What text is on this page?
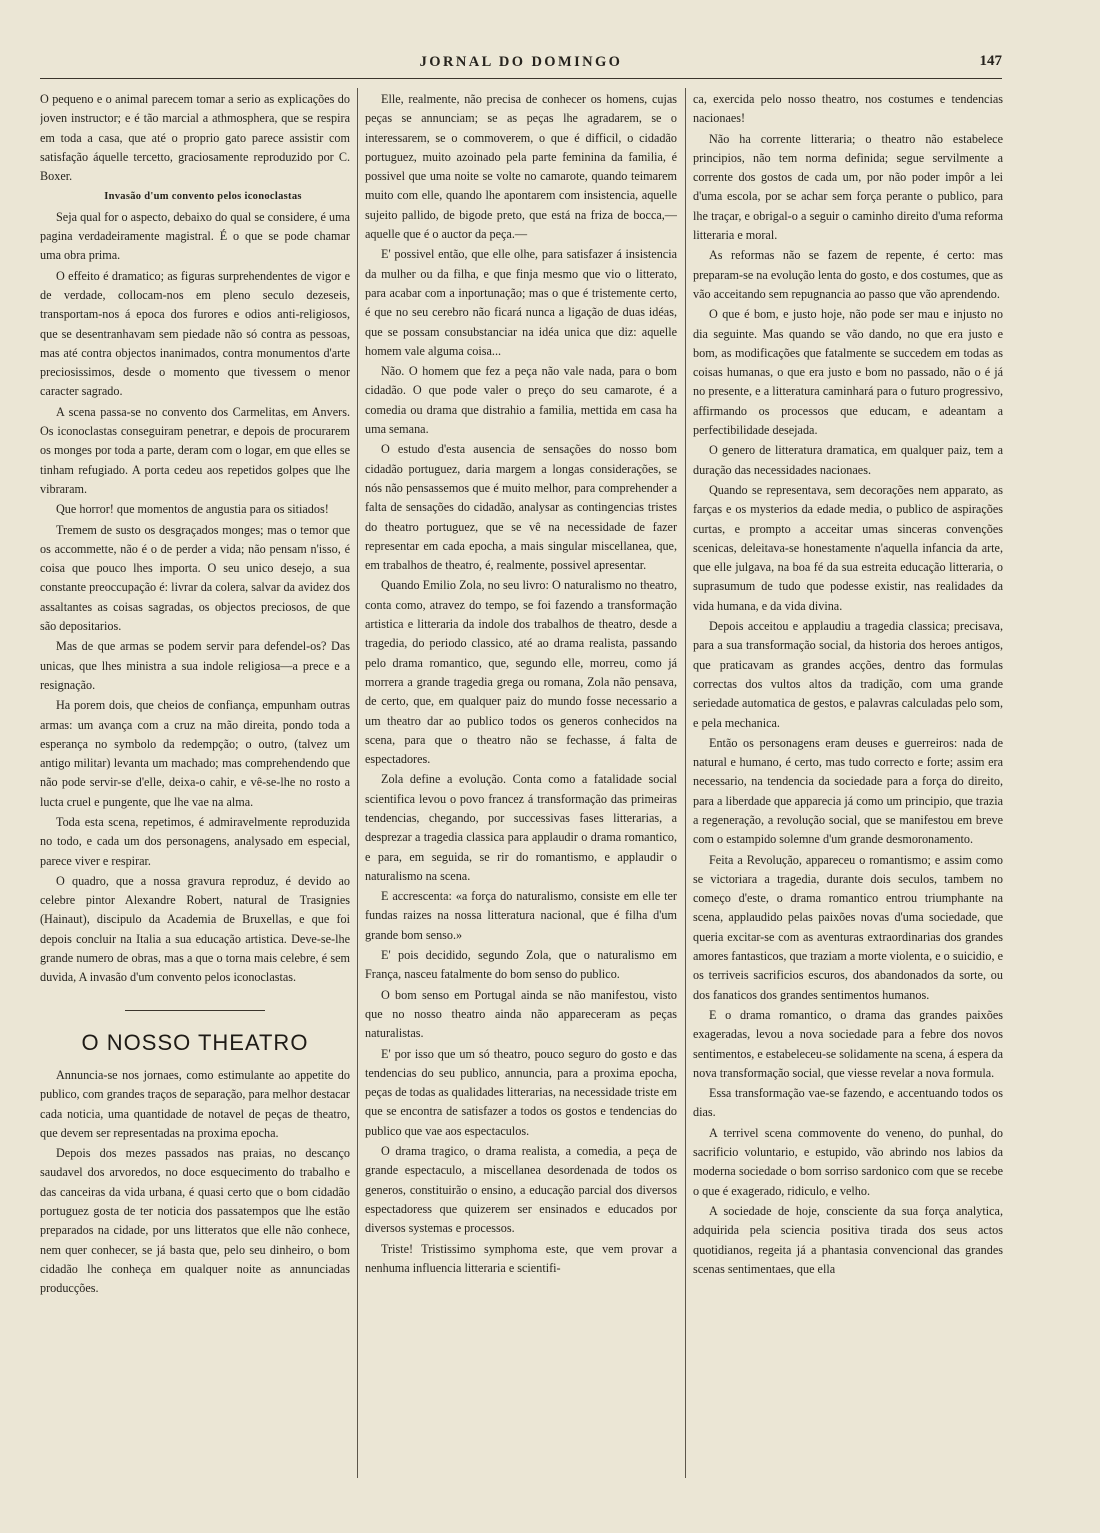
JORNAL DO DOMINGO	147

O pequeno e o animal parecem tomar a serio as explicações do joven instructor; e é tão marcial a athmosphera, que se respira em toda a casa, que até o proprio gato parece assistir com satisfação áquelle tercetto, graciosamente reproduzido por C. Boxer.

Invasão d'um convento pelos iconoclastas

Seja qual for o aspecto, debaixo do qual se considere, é uma pagina verdadeiramente magistral. É o que se pode chamar uma obra prima.

O effeito é dramatico; as figuras surprehendentes de vigor e de verdade, collocam-nos em pleno seculo dezeseis, transportam-nos á epoca dos furores e odios anti-religiosos, que se desentranhavam sem piedade não só contra as pessoas, mas até contra objectos inanimados, contra monumentos d'arte preciosissimos, desde o momento que tivessem o menor caracter sagrado.

A scena passa-se no convento dos Carmelitas, em Anvers. Os iconoclastas conseguiram penetrar, e depois de procurarem os monges por toda a parte, deram com o logar, em que elles se tinham refugiado. A porta cedeu aos repetidos golpes que lhe vibraram.

Que horror! que momentos de angustia para os sitiados!

Tremem de susto os desgraçados monges; mas o temor que os accommette, não é o de perder a vida; não pensam n'isso, é coisa que pouco lhes importa. O seu unico desejo, a sua constante preoccupação é: livrar da colera, salvar da avidez dos assaltantes as coisas sagradas, os objectos preciosos, de que são depositarios.

Mas de que armas se podem servir para defendel-os? Das unicas, que lhes ministra a sua indole religiosa—a prece e a resignação.

Ha porem dois, que cheios de confiança, empunham outras armas: um avança com a cruz na mão direita, pondo toda a esperança no symbolo da redempção; o outro, (talvez um antigo militar) levanta um machado; mas comprehendendo que não pode servir-se d'elle, deixa-o cahir, e vê-se-lhe no rosto a lucta cruel e pungente, que lhe vae na alma.

Toda esta scena, repetimos, é admiravelmente reproduzida no todo, e cada um dos personagens, analysado em especial, parece viver e respirar.

O quadro, que a nossa gravura reproduz, é devido ao celebre pintor Alexandre Robert, natural de Trasignies (Hainaut), discipulo da Academia de Bruxellas, e que foi depois concluir na Italia a sua educação artistica. Deve-se-lhe grande numero de obras, mas a que o torna mais celebre, é sem duvida, A invasão d'um convento pelos iconoclastas.

O NOSSO THEATRO

Annuncia-se nos jornaes, como estimulante ao appetite do publico, com grandes traços de separação, para melhor destacar cada noticia, uma quantidade de notavel de peças de theatro, que devem ser representadas na proxima epocha.

Depois dos mezes passados nas praias, no descanço saudavel dos arvoredos, no doce esquecimento do trabalho e das canceiras da vida urbana, é quasi certo que o bom cidadão portuguez gosta de ter noticia dos passatempos que lhe estão preparados na cidade, por uns litteratos que elle não conhece, nem quer conhecer, se já basta que, pelo seu dinheiro, o bom cidadão lhe conheça em qualquer noite as annunciadas producções.

Elle, realmente, não precisa de conhecer os homens, cujas peças se annunciam; se as peças lhe agradarem, se o interessarem, se o commoverem, o que é difficil, o cidadão portuguez, muito azoinado pela parte feminina da familia, é possivel que uma noite se volte no camarote, quando teimarem muito com elle, quando lhe apontarem com insistencia, aquelle sujeito pallido, de bigode preto, que está na friza de bocca,—aquelle que é o auctor da peça.—

E' possivel então, que elle olhe, para satisfazer á insistencia da mulher ou da filha, e que finja mesmo que vio o litterato, para acabar com a inportunação; mas o que é tristemente certo, é que no seu cerebro não ficará nunca a ligação de duas idéas, que se possam consubstanciar na idéa unica que diz: aquelle homem vale alguma coisa...

Não. O homem que fez a peça não vale nada, para o bom cidadão. O que pode valer o preço do seu camarote, é a comedia ou drama que distrahio a familia, mettida em casa ha uma semana.

O estudo d'esta ausencia de sensações do nosso bom cidadão portuguez, daria margem a longas considerações, se nós não pensassemos que é muito melhor, para comprehender a falta de sensações do cidadão, analysar as contingencias tristes do theatro portuguez, que se vê na necessidade de fazer representar em cada epocha, a mais singular miscellanea, que, em trabalhos de theatro, é, realmente, possivel apresentar.

Quando Emilio Zola, no seu livro: O naturalismo no theatro, conta como, atravez do tempo, se foi fazendo a transformação artistica e litteraria da indole dos trabalhos de theatro, desde a tragedia, do periodo classico, até ao drama realista, passando pelo drama romantico, que, segundo elle, morreu, como já morrera a grande tragedia grega ou romana, Zola não pensava, de certo, que, em qualquer paiz do mundo fosse necessario a um theatro dar ao publico todos os generos conhecidos na scena, para que o theatro não se fechasse, á falta de espectadores.

Zola define a evolução. Conta como a fatalidade social scientifica levou o povo francez á transformação das primeiras tendencias, chegando, por successivas fases litterarias, a desprezar a tragedia classica para applaudir o drama romantico, e para, em seguida, se rir do romantismo, e applaudir o naturalismo na scena.

E accrescenta: «a força do naturalismo, consiste em elle ter fundas raizes na nossa litteratura nacional, que é filha d'um grande bom senso.»

E' pois decidido, segundo Zola, que o naturalismo em França, nasceu fatalmente do bom senso do publico.

O bom senso em Portugal ainda se não manifestou, visto que no nosso theatro ainda não appareceram as peças naturalistas.

E' por isso que um só theatro, pouco seguro do gosto e das tendencias do seu publico, annuncia, para a proxima epocha, peças de todas as qualidades litterarias, na necessidade triste em que se encontra de satisfazer a todos os gostos e tendencias do publico que vae aos espectaculos.

O drama tragico, o drama realista, a comedia, a peça de grande espectaculo, a miscellanea desordenada de todos os generos, constituirão o ensino, a educação parcial dos diversos espectadoress que quizerem ser ensinados e educados por diversos systemas e processos.

Triste! Tristissimo symphoma este, que vem provar a nenhuma influencia litteraria e scientifi-

ca, exercida pelo nosso theatro, nos costumes e tendencias nacionaes!

Não ha corrente litteraria; o theatro não estabelece principios, não tem norma definida; segue servilmente a corrente dos gostos de cada um, por não poder impôr a lei d'uma escola, por se achar sem força perante o publico, para lhe traçar, e obrigal-o a seguir o caminho direito d'uma reforma litteraria e moral.

As reformas não se fazem de repente, é certo: mas preparam-se na evolução lenta do gosto, e dos costumes, que as vão acceitando sem repugnancia ao passo que vão aprendendo.

O que é bom, e justo hoje, não pode ser mau e injusto no dia seguinte. Mas quando se vão dando, no que era justo e bom, as modificações que fatalmente se succedem em todas as coisas humanas, o que era justo e bom no passado, não o é já no presente, e a litteratura caminhará para o futuro progressivo, affirmando os processos que educam, e adeantam a perfectibilidade desejada.

O genero de litteratura dramatica, em qualquer paiz, tem a duração das necessidades nacionaes.

Quando se representava, sem decorações nem apparato, as farças e os mysterios da edade media, o publico de aspirações curtas, e prompto a acceitar umas sinceras convenções scenicas, deleitava-se honestamente n'aquella infancia da arte, que elle julgava, na boa fé da sua estreita educação litteraria, o suprasumum de tudo que podesse existir, nas realidades da vida humana, e da vida divina.

Depois acceitou e applaudiu a tragedia classica; precisava, para a sua transformação social, da historia dos heroes antigos, que praticavam as grandes acções, dentro das formulas correctas dos vultos altos da tradição, com uma grande seriedade automatica de gestos, e palavras calculadas pelo som, e pela mechanica.

Então os personagens eram deuses e guerreiros: nada de natural e humano, é certo, mas tudo correcto e forte; assim era necessario, na tendencia da sociedade para a força do direito, para a liberdade que apparecia já como um principio, que trazia a regeneração, a revolução social, que se manifestou em breve com o estampido solemne d'um grande desmoronamento.

Feita a Revolução, appareceu o romantismo; e assim como se victoriara a tragedia, durante dois seculos, tambem no começo d'este, o drama romantico entrou triumphante na scena, applaudido pelas paixões novas d'uma sociedade, que queria excitar-se com as aventuras extraordinarias dos grandes amores fantasticos, que traziam a morte violenta, e o suicidio, e os terriveis sacrificios escuros, dos abandonados da sorte, ou dos fanaticos dos grandes sentimentos humanos.

E o drama romantico, o drama das grandes paixões exageradas, levou a nova sociedade para a febre dos novos sentimentos, e estabeleceu-se solidamente na scena, á espera da nova transformação social, que viesse revelar a nova formula.

Essa transformação vae-se fazendo, e accentuando todos os dias.

A terrivel scena commovente do veneno, do punhal, do sacrificio voluntario, e estupido, vão abrindo nos labios da moderna sociedade o bom sorriso sardonico com que se recebe o que é exagerado, ridiculo, e velho.

A sociedade de hoje, consciente da sua força analytica, adquirida pela sciencia positiva tirada dos seus actos quotidianos, regeita já a phantasia convencional das grandes scenas sentimentaes, que ella
